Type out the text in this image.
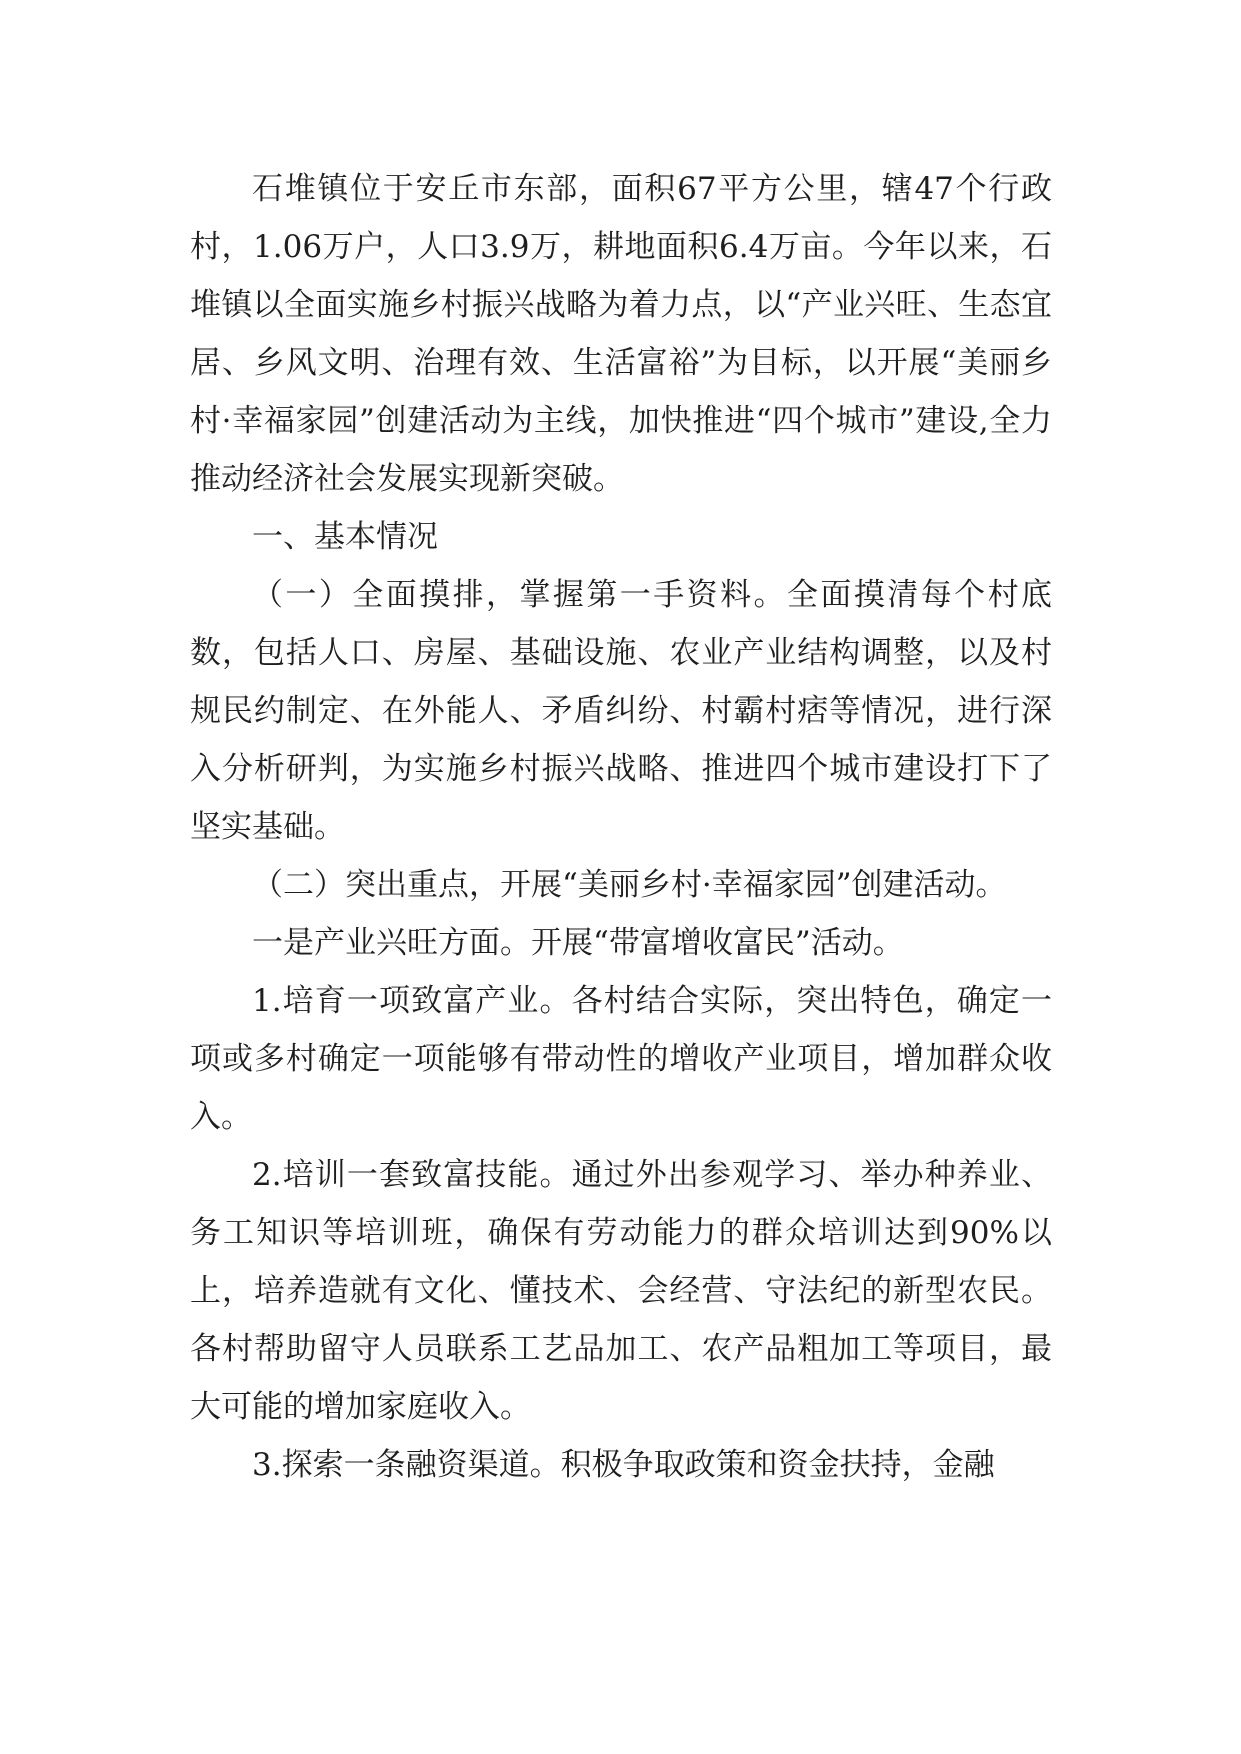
石堆镇位于安丘市东部，面积67平方公里，辖47个行政村，1.06万户，人口3.9万，耕地面积6.4万亩。今年以来，石堆镇以全面实施乡村振兴战略为着力点，以“产业兴旺、生态宜居、乡风文明、治理有效、生活富裕”为目标，以开展“美丽乡村·幸福家园”创建活动为主线，加快推进“四个城市”建设,全力推动经济社会发展实现新突破。

一、基本情况

（一）全面摸排，掌握第一手资料。全面摸清每个村底数，包括人口、房屋、基础设施、农业产业结构调整，以及村规民约制定、在外能人、矛盾纠纷、村霸村痞等情况，进行深入分析研判，为实施乡村振兴战略、推进四个城市建设打下了坚实基础。

（二）突出重点，开展“美丽乡村·幸福家园”创建活动。

一是产业兴旺方面。开展“带富增收富民”活动。

1.培育一项致富产业。各村结合实际，突出特色，确定一项或多村确定一项能够有带动性的增收产业项目，增加群众收入。

2.培训一套致富技能。通过外出参观学习、举办种养业、务工知识等培训班，确保有劳动能力的群众培训达到90%以上，培养造就有文化、懂技术、会经营、守法纪的新型农民。各村帮助留守人员联系工艺品加工、农产品粗加工等项目，最大可能的增加家庭收入。

3.探索一条融资渠道。积极争取政策和资金扶持，金融
